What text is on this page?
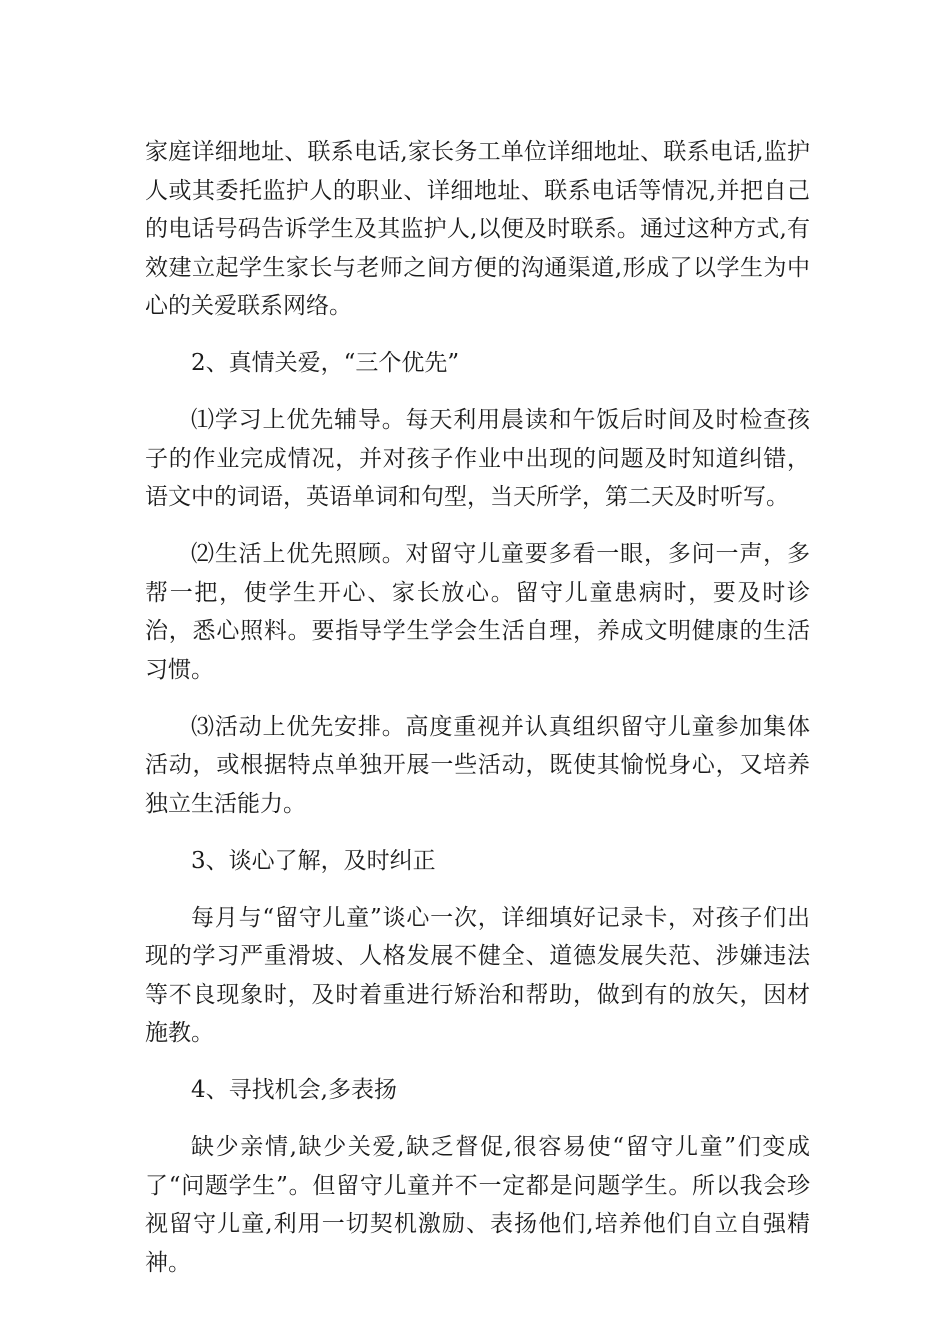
家庭详细地址、联系电话,家长务工单位详细地址、联系电话,监护人或其委托监护人的职业、详细地址、联系电话等情况,并把自己的电话号码告诉学生及其监护人,以便及时联系。通过这种方式,有效建立起学生家长与老师之间方便的沟通渠道,形成了以学生为中心的关爱联系网络。

2、真情关爱，“三个优先”

⑴学习上优先辅导。每天利用晨读和午饭后时间及时检查孩子的作业完成情况，并对孩子作业中出现的问题及时知道纠错，语文中的词语，英语单词和句型，当天所学，第二天及时听写。

⑵生活上优先照顾。对留守儿童要多看一眼，多问一声，多帮一把，使学生开心、家长放心。留守儿童患病时，要及时诊治，悉心照料。要指导学生学会生活自理，养成文明健康的生活习惯。

⑶活动上优先安排。高度重视并认真组织留守儿童参加集体活动，或根据特点单独开展一些活动，既使其愉悦身心，又培养独立生活能力。

3、谈心了解，及时纠正

每月与“留守儿童”谈心一次，详细填好记录卡，对孩子们出现的学习严重滑坡、人格发展不健全、道德发展失范、涉嫌违法等不良现象时，及时着重进行矫治和帮助，做到有的放矢，因材施教。

4、寻找机会,多表扬

缺少亲情,缺少关爱,缺乏督促,很容易使“留守儿童”们变成了“问题学生”。但留守儿童并不一定都是问题学生。所以我会珍视留守儿童,利用一切契机激励、表扬他们,培养他们自立自强精神。
